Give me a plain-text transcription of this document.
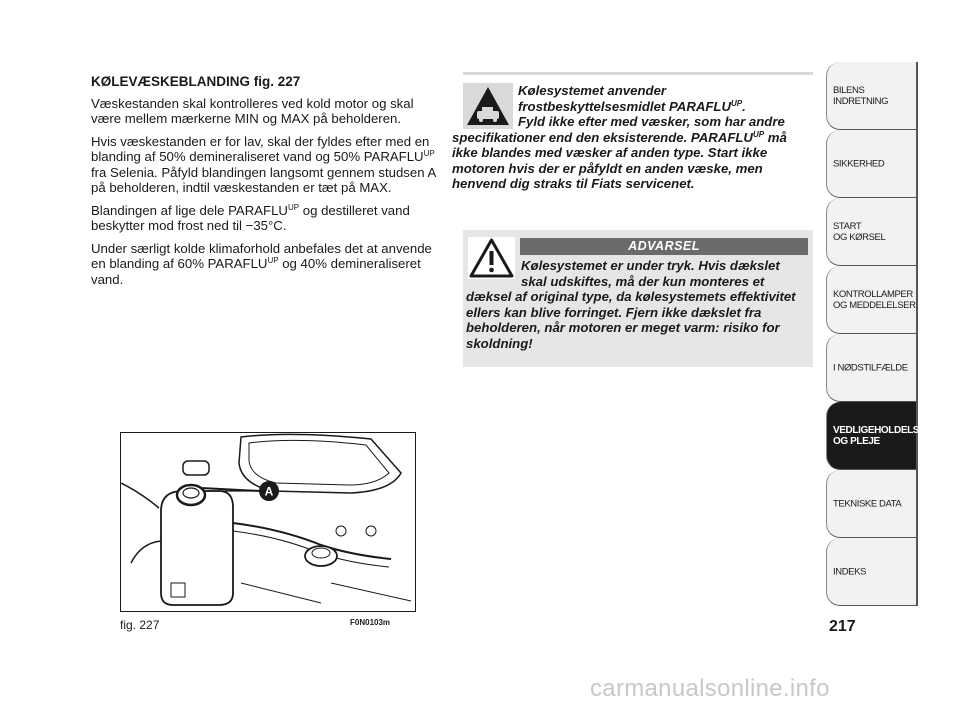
KØLEVÆSKEBLANDING fig. 227

Væskestanden skal kontrolleres ved kold motor og skal være mellem mærkerne MIN og MAX på beholderen.

Hvis væskestanden er for lav, skal der fyldes efter med en blanding af 50% demineraliseret vand og 50% $PARAFLU^{UP}$ fra Selenia. Påfyld blandingen langsomt gennem studsen A på beholderen, indtil væskestanden er tæt på MAX.

Blandingen af lige dele $PARAFLU^{UP}$ og destilleret vand beskytter mod frost ned til −35°C.

Under særligt kolde klimaforhold anbefales det at anvende en blanding af 60% $PARAFLU^{UP}$ og 40% demineraliseret vand.

Kølesystemet anvender
frostbeskyttelsesmidlet $PARAFLU^{UP}$.
Fyld ikke efter med væsker, som har andre
specifikationer end den eksisterende. $PARAFLU^{UP}$ må ikke blandes med væsker af anden type. Start ikke motoren hvis der er påfyldt en anden væske, men henvend dig straks til Fiats servicenet.
ADVARSEL
Kølesystemet er under tryk. Hvis dækslet
skal udskiftes, må der kun monteres et
dæksel af original type, da kølesystemets effektivitet ellers kan blive forringet. Fjern ikke dækslet fra beholderen, når motoren er meget varm: risiko for skoldning!
A
fig. 227	F0N0103m
BILENS
INDRETNING
SIKKERHED
START
OG KØRSEL
KONTROLLAMPER
OG MEDDELELSER
I NØDSTILFÆLDE
VEDLIGEHOLDELSE
OG PLEJE
TEKNISKE DATA
INDEKS
217
carmanualsonline.info
